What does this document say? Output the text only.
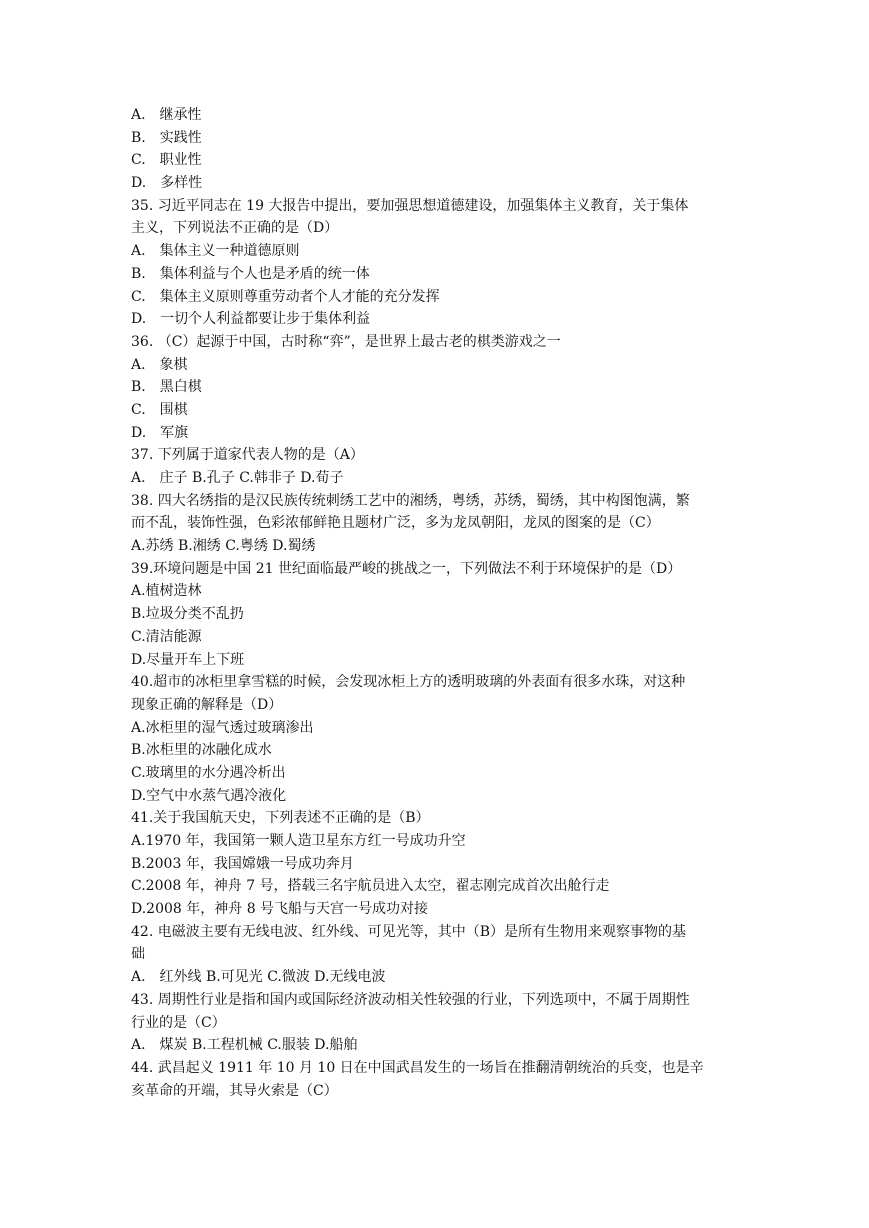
A.　继承性
B.　实践性
C.　职业性
D.　多样性
35. 习近平同志在 19 大报告中提出，要加强思想道德建设，加强集体主义教育，关于集体
主义，下列说法不正确的是（D）
A.　集体主义一种道德原则
B.　集体利益与个人也是矛盾的统一体
C.　集体主义原则尊重劳动者个人才能的充分发挥
D.　一切个人利益都要让步于集体利益
36. （C）起源于中国，古时称“弈”，是世界上最古老的棋类游戏之一
A.　象棋
B.　黑白棋
C.　围棋
D.　军旗
37. 下列属于道家代表人物的是（A）
A.　庄子 B.孔子 C.韩非子 D.荀子
38. 四大名绣指的是汉民族传统刺绣工艺中的湘绣，粤绣，苏绣，蜀绣，其中构图饱满，繁
而不乱，装饰性强，色彩浓郁鲜艳且题材广泛，多为龙凤朝阳，龙凤的图案的是（C）
A.苏绣 B.湘绣 C.粤绣 D.蜀绣
39.环境问题是中国 21 世纪面临最严峻的挑战之一，下列做法不利于环境保护的是（D）
A.植树造林
B.垃圾分类不乱扔
C.清洁能源
D.尽量开车上下班
40.超市的冰柜里拿雪糕的时候，会发现冰柜上方的透明玻璃的外表面有很多水珠，对这种
现象正确的解释是（D）
A.冰柜里的湿气透过玻璃渗出
B.冰柜里的冰融化成水
C.玻璃里的水分遇冷析出
D.空气中水蒸气遇冷液化
41.关于我国航天史，下列表述不正确的是（B）
A.1970 年，我国第一颗人造卫星东方红一号成功升空
B.2003 年，我国嫦娥一号成功奔月
C.2008 年，神舟 7 号，搭载三名宇航员进入太空，翟志刚完成首次出舱行走
D.2008 年，神舟 8 号飞船与天宫一号成功对接
42. 电磁波主要有无线电波、红外线、可见光等，其中（B）是所有生物用来观察事物的基
础
A.　红外线 B.可见光 C.微波 D.无线电波
43. 周期性行业是指和国内或国际经济波动相关性较强的行业，下列选项中，不属于周期性
行业的是（C）
A.　煤炭 B.工程机械 C.服装 D.船舶
44. 武昌起义 1911 年 10 月 10 日在中国武昌发生的一场旨在推翻清朝统治的兵变，也是辛
亥革命的开端，其导火索是（C）
